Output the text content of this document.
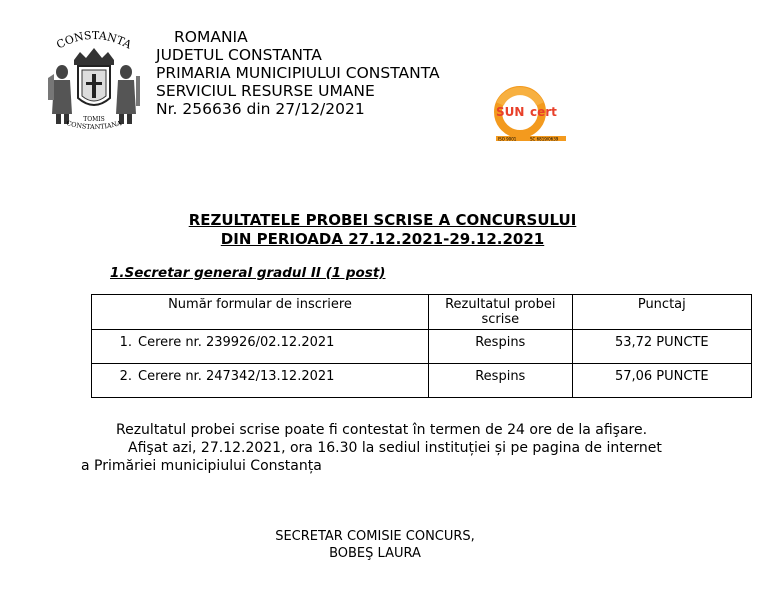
CONSTANTA
TOMIS
CONSTANTIANA
ROMANIA
JUDETUL CONSTANTA
PRIMARIA MUNICIPIULUI CONSTANTA
SERVICIUL RESURSE UMANE
Nr. 256636 din 27/12/2021	SUN cert
ISO 9001	SC 6819/0639
REZULTATELE PROBEI SCRISE A CONCURSULUI
DIN PERIOADA 27.12.2021-29.12.2021
1.Secretar general gradul II (1 post)
Număr formular de inscriere	Rezultatul probei scrise	Punctaj
1. Cerere nr. 239926/02.12.2021	Respins	53,72 PUNCTE
2. Cerere nr. 247342/13.12.2021	Respins	57,06 PUNCTE
Rezultatul probei scrise poate fi contestat în termen de 24 ore de la afişare.
Afişat azi, 27.12.2021, ora 16.30 la sediul instituției și pe pagina de internet
a Primăriei municipiului Constanța
SECRETAR COMISIE CONCURS,
BOBEŞ LAURA
